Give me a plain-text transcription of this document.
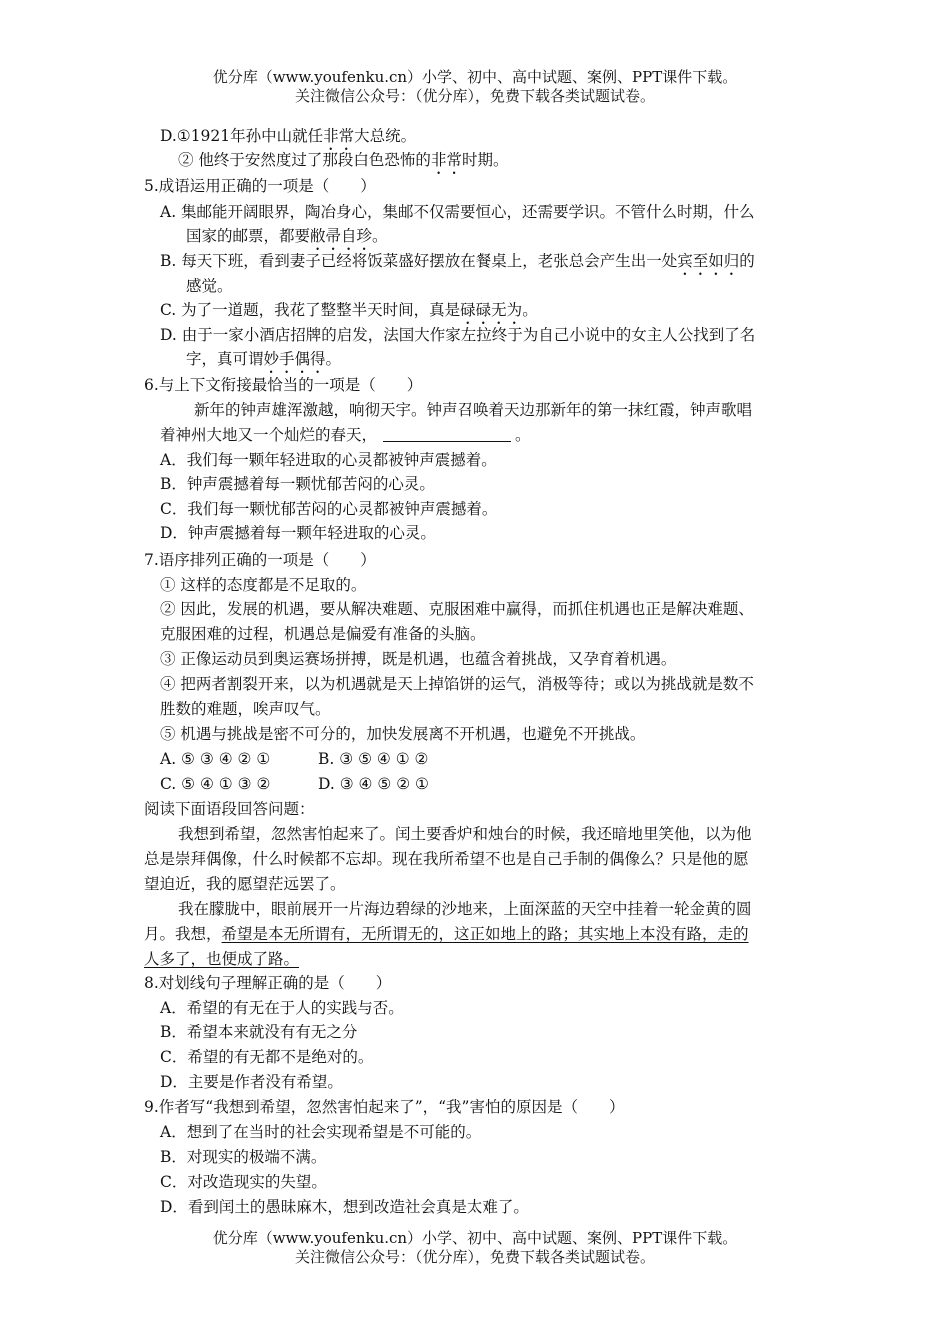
优分库（www.youfenku.cn）小学、初中、高中试题、案例、PPT课件下载。
关注微信公众号：（优分库），免费下载各类试题试卷。
D.①1921年孙中山就任非常大总统。
② 他终于安然度过了那段白色恐怖的非常时期。
5.成语运用正确的一项是（　　）
A. 集邮能开阔眼界，陶冶身心，集邮不仅需要恒心，还需要学识。不管什么时期，什么
国家的邮票，都要敝帚自珍。
B. 每天下班，看到妻子已经将饭菜盛好摆放在餐桌上，老张总会产生出一处宾至如归的
感觉。
C. 为了一道题，我花了整整半天时间，真是碌碌无为。
D. 由于一家小酒店招牌的启发，法国大作家左拉终于为自己小说中的女主人公找到了名
字，真可谓妙手偶得。
6.与上下文衔接最恰当的一项是（　　）
新年的钟声雄浑激越，响彻天宇。钟声召唤着天边那新年的第一抹红霞，钟声歌唱
着神州大地又一个灿烂的春天，	。
A．我们每一颗年轻进取的心灵都被钟声震撼着。
B．钟声震撼着每一颗忧郁苦闷的心灵。
C．我们每一颗忧郁苦闷的心灵都被钟声震撼着。
D．钟声震撼着每一颗年轻进取的心灵。
7.语序排列正确的一项是（　　）
① 这样的态度都是不足取的。
② 因此，发展的机遇，要从解决难题、克服困难中赢得，而抓住机遇也正是解决难题、
克服困难的过程，机遇总是偏爱有准备的头脑。
③ 正像运动员到奥运赛场拼搏，既是机遇，也蕴含着挑战，又孕育着机遇。
④ 把两者割裂开来，以为机遇就是天上掉馅饼的运气，消极等待；或以为挑战就是数不
胜数的难题，唉声叹气。
⑤ 机遇与挑战是密不可分的，加快发展离不开机遇，也避免不开挑战。
A. ⑤ ③ ④ ② ①	B. ③ ⑤ ④ ① ②
C. ⑤ ④ ① ③ ②	D. ③ ④ ⑤ ② ①
阅读下面语段回答问题：
我想到希望，忽然害怕起来了。闰土要香炉和烛台的时候，我还暗地里笑他，以为他
总是崇拜偶像，什么时候都不忘却。现在我所希望不也是自己手制的偶像么？只是他的愿
望迫近，我的愿望茫远罢了。
我在朦胧中，眼前展开一片海边碧绿的沙地来，上面深蓝的天空中挂着一轮金黄的圆
月。我想，希望是本无所谓有，无所谓无的，这正如地上的路；其实地上本没有路，走的
人多了，也便成了路。
8.对划线句子理解正确的是（　　）
A．希望的有无在于人的实践与否。
B．希望本来就没有有无之分
C．希望的有无都不是绝对的。
D．主要是作者没有希望。
9.作者写“我想到希望，忽然害怕起来了”，“我”害怕的原因是（　　）
A．想到了在当时的社会实现希望是不可能的。
B．对现实的极端不满。
C．对改造现实的失望。
D．看到闰土的愚昧麻木，想到改造社会真是太难了。
优分库（www.youfenku.cn）小学、初中、高中试题、案例、PPT课件下载。
关注微信公众号：（优分库），免费下载各类试题试卷。
